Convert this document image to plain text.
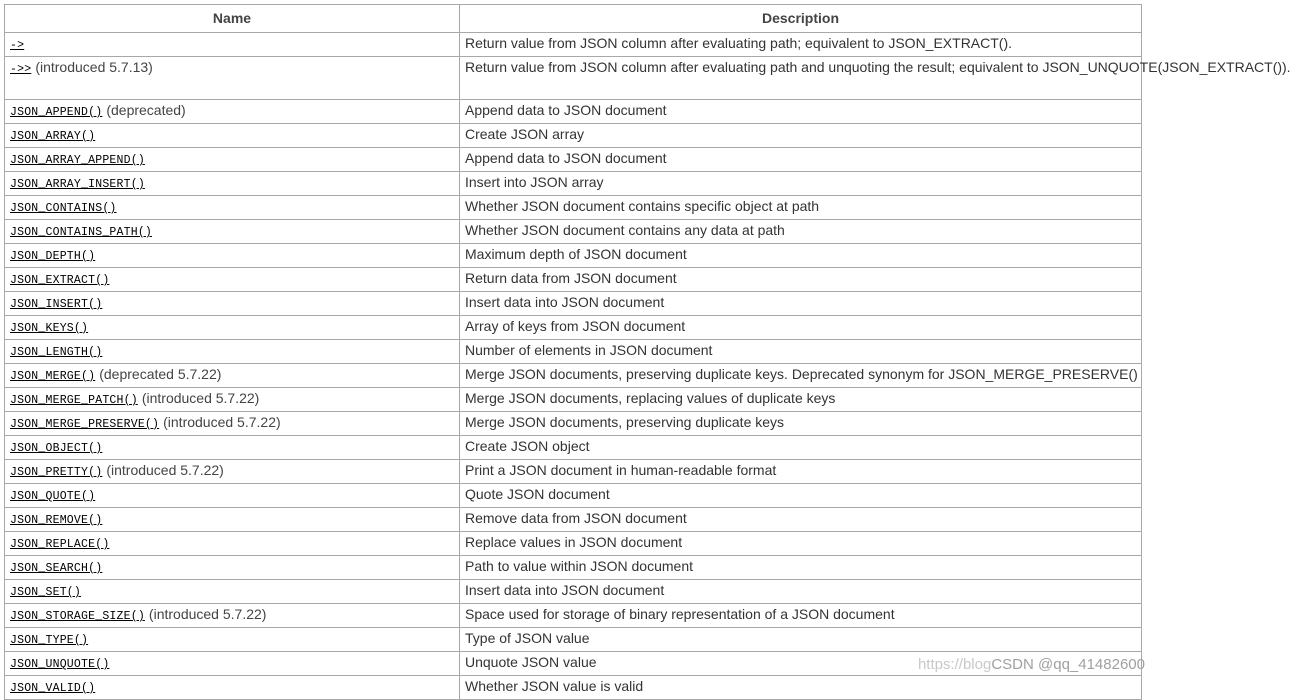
Name	Description
->	Return value from JSON column after evaluating path; equivalent to JSON_EXTRACT().
->> (introduced 5.7.13)	Return value from JSON column after evaluating path and unquoting the result; equivalent to JSON_UNQUOTE(JSON_EXTRACT()).
JSON_APPEND() (deprecated)	Append data to JSON document
JSON_ARRAY()	Create JSON array
JSON_ARRAY_APPEND()	Append data to JSON document
JSON_ARRAY_INSERT()	Insert into JSON array
JSON_CONTAINS()	Whether JSON document contains specific object at path
JSON_CONTAINS_PATH()	Whether JSON document contains any data at path
JSON_DEPTH()	Maximum depth of JSON document
JSON_EXTRACT()	Return data from JSON document
JSON_INSERT()	Insert data into JSON document
JSON_KEYS()	Array of keys from JSON document
JSON_LENGTH()	Number of elements in JSON document
JSON_MERGE() (deprecated 5.7.22)	Merge JSON documents, preserving duplicate keys. Deprecated synonym for JSON_MERGE_PRESERVE()
JSON_MERGE_PATCH() (introduced 5.7.22)	Merge JSON documents, replacing values of duplicate keys
JSON_MERGE_PRESERVE() (introduced 5.7.22)	Merge JSON documents, preserving duplicate keys
JSON_OBJECT()	Create JSON object
JSON_PRETTY() (introduced 5.7.22)	Print a JSON document in human-readable format
JSON_QUOTE()	Quote JSON document
JSON_REMOVE()	Remove data from JSON document
JSON_REPLACE()	Replace values in JSON document
JSON_SEARCH()	Path to value within JSON document
JSON_SET()	Insert data into JSON document
JSON_STORAGE_SIZE() (introduced 5.7.22)	Space used for storage of binary representation of a JSON document
JSON_TYPE()	Type of JSON value
JSON_UNQUOTE()	Unquote JSON value
JSON_VALID()	Whether JSON value is valid
https://blogCSDN @qq_41482600
